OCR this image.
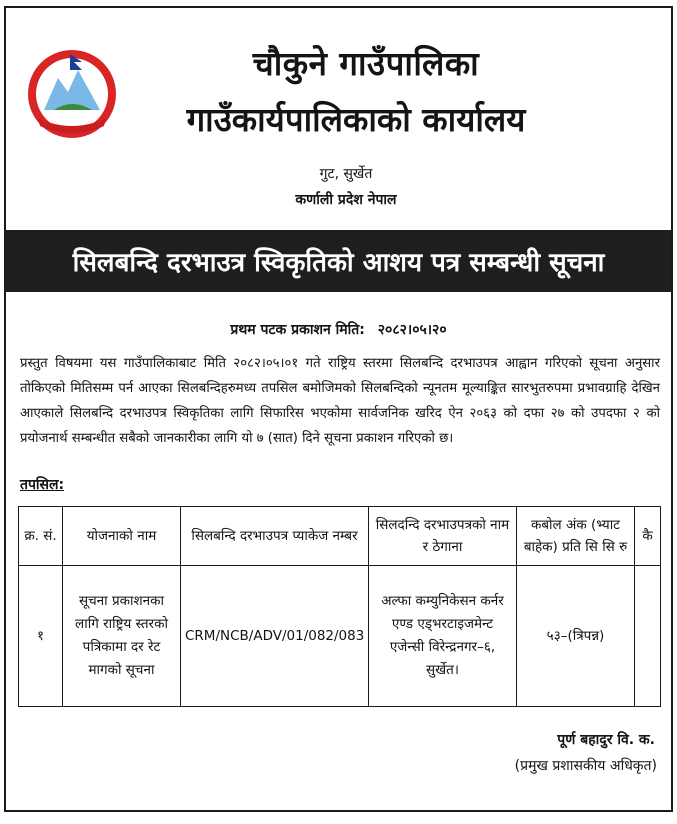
चौकुने गाउँपालिका
गाउँकार्यपालिकाको कार्यालय
गुट, सुर्खेत
कर्णाली प्रदेश नेपाल
सिलबन्दि दरभाउत्र स्विकृतिको आशय पत्र सम्बन्धी सूचना
प्रथम पटक प्रकाशन मिति: २०८२।०५।२०
प्रस्तुत विषयमा यस गाउँपालिकाबाट मिति २०८२।०५।०१ गते राष्ट्रिय स्तरमा सिलबन्दि दरभाउपत्र आह्वान गरिएको सूचना अनुसार तोकिएको मितिसम्म पर्न आएका सिलबन्दिहरुमध्य तपसिल बमोजिमको सिलबन्दिको न्यूनतम मूल्याङ्कित सारभुतरुपमा प्रभावग्राहि देखिन आएकाले सिलबन्दि दरभाउपत्र स्विकृतिका लागि सिफारिस भएकोमा सार्वजनिक खरिद ऐन २०६३ को दफा २७ को उपदफा २ को प्रयोजनार्थ सम्बन्धीत सबैको जानकारीका लागि यो ७ (सात) दिने सूचना प्रकाशन गरिएको छ।
तपसिल:
क्र. सं.	योजनाको नाम	सिलबन्दि दरभाउपत्र प्याकेज नम्बर	सिलदन्दि दरभाउपत्रको नाम र ठेगाना	कबोल अंक (भ्याट बाहेक) प्रति सि सि रु	कै
१	सूचना प्रकाशनका लागि राष्ट्रिय स्तरको पत्रिकामा दर रेट मागको सूचना	CRM/NCB/ADV/01/082/083	अल्फा कम्युनिकेसन कर्नर एण्ड एड्भरटाइजमेन्ट एजेन्सी विरेन्द्रनगर–६, सुर्खेत।	५३–(त्रिपन्न)	
पूर्ण बहादुर वि. क.
(प्रमुख प्रशासकीय अधिकृत)
